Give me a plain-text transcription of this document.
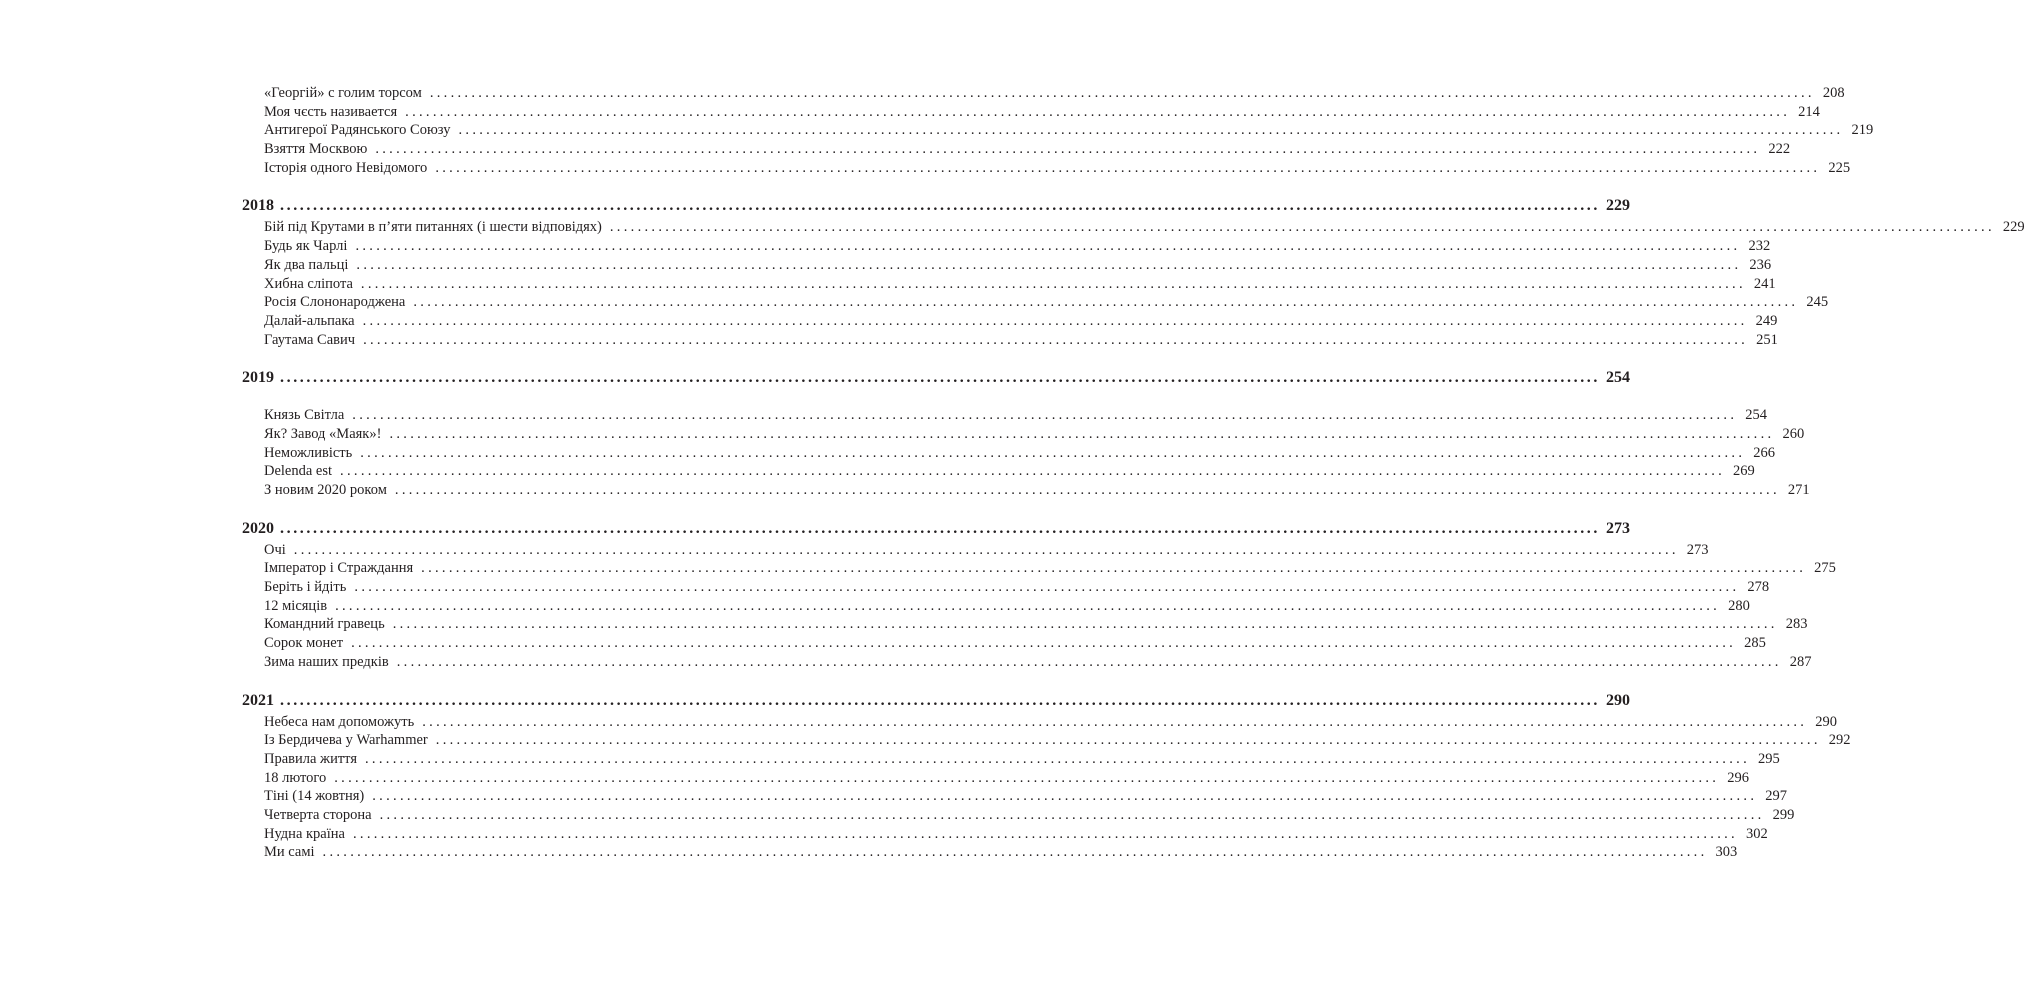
«Георгій» с голим торсом ........................................................................................................................................................................................................ 208
Моя чєсть називается ........................................................................................................................................................................................................ 214
Антигерої Радянського Союзу ........................................................................................................................................................................................................ 219
Взяття Москвою ........................................................................................................................................................................................................ 222
Історія одного Невідомого ........................................................................................................................................................................................................ 225
2018 ........................................................................................................................................................................................................ 229
Бій під Крутами в п’яти питаннях (і шести відповідях) ........................................................................................................................................................................................................ 229
Будь як Чарлі ........................................................................................................................................................................................................ 232
Як два пальці ........................................................................................................................................................................................................ 236
Хибна сліпота ........................................................................................................................................................................................................ 241
Росія Слононароджена ........................................................................................................................................................................................................ 245
Далай-альпака ........................................................................................................................................................................................................ 249
Гаутама Савич ........................................................................................................................................................................................................ 251
2019 ........................................................................................................................................................................................................ 254
Князь Світла ........................................................................................................................................................................................................ 254
Як? Завод «Маяк»! ........................................................................................................................................................................................................ 260
Неможливість ........................................................................................................................................................................................................ 266
Delenda est ........................................................................................................................................................................................................ 269
З новим 2020 роком ........................................................................................................................................................................................................ 271
2020 ........................................................................................................................................................................................................ 273
Очі ........................................................................................................................................................................................................ 273
Імператор і Страждання ........................................................................................................................................................................................................ 275
Беріть і йдіть ........................................................................................................................................................................................................ 278
12 місяців ........................................................................................................................................................................................................ 280
Командний гравець ........................................................................................................................................................................................................ 283
Сорок монет ........................................................................................................................................................................................................ 285
Зима наших предків ........................................................................................................................................................................................................ 287
2021 ........................................................................................................................................................................................................ 290
Небеса нам допоможуть ........................................................................................................................................................................................................ 290
Із Бердичева у Warhammer ........................................................................................................................................................................................................ 292
Правила життя ........................................................................................................................................................................................................ 295
18 лютого ........................................................................................................................................................................................................ 296
Тіні (14 жовтня) ........................................................................................................................................................................................................ 297
Четверта сторона ........................................................................................................................................................................................................ 299
Нудна країна ........................................................................................................................................................................................................ 302
Ми самі ........................................................................................................................................................................................................ 303
